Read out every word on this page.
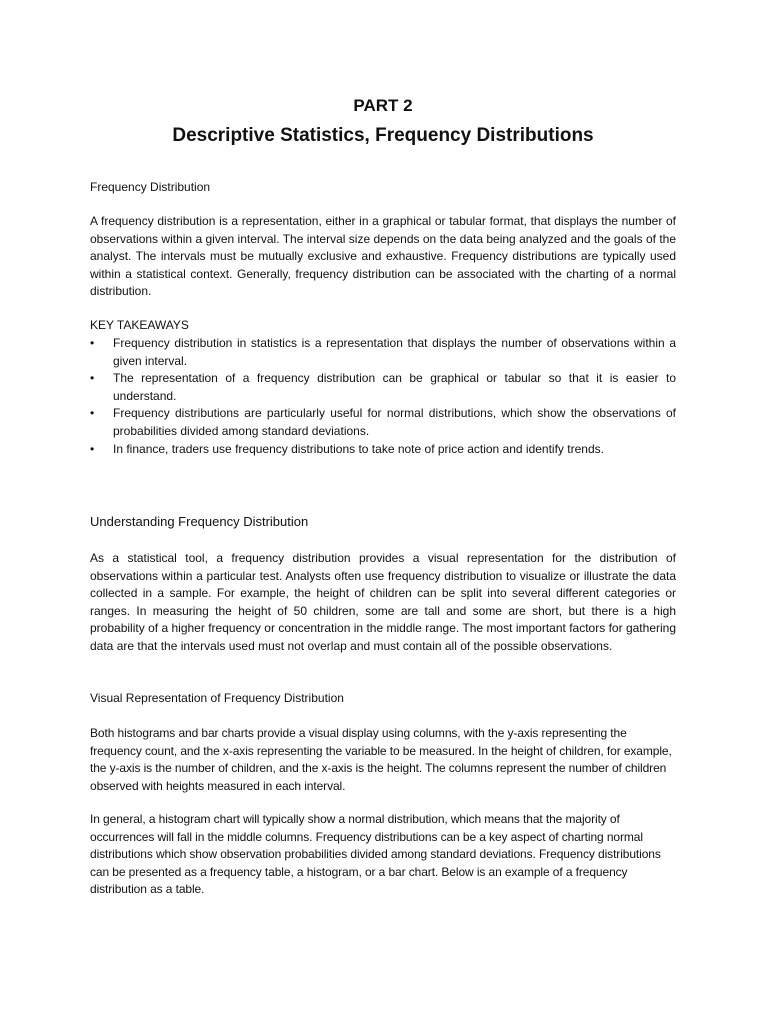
PART 2
Descriptive Statistics, Frequency Distributions
Frequency Distribution
A frequency distribution is a representation, either in a graphical or tabular format, that displays the number of observations within a given interval. The interval size depends on the data being analyzed and the goals of the analyst. The intervals must be mutually exclusive and exhaustive. Frequency distributions are typically used within a statistical context. Generally, frequency distribution can be associated with the charting of a normal distribution.
KEY TAKEAWAYS
• Frequency distribution in statistics is a representation that displays the number of observations within a given interval.
• The representation of a frequency distribution can be graphical or tabular so that it is easier to understand.
• Frequency distributions are particularly useful for normal distributions, which show the observations of probabilities divided among standard deviations.
• In finance, traders use frequency distributions to take note of price action and identify trends.
Understanding Frequency Distribution
As a statistical tool, a frequency distribution provides a visual representation for the distribution of observations within a particular test. Analysts often use frequency distribution to visualize or illustrate the data collected in a sample. For example, the height of children can be split into several different categories or ranges. In measuring the height of 50 children, some are tall and some are short, but there is a high probability of a higher frequency or concentration in the middle range. The most important factors for gathering data are that the intervals used must not overlap and must contain all of the possible observations.
Visual Representation of Frequency Distribution
Both histograms and bar charts provide a visual display using columns, with the y-axis representing the frequency count, and the x-axis representing the variable to be measured. In the height of children, for example, the y-axis is the number of children, and the x-axis is the height. The columns represent the number of children observed with heights measured in each interval.
In general, a histogram chart will typically show a normal distribution, which means that the majority of occurrences will fall in the middle columns. Frequency distributions can be a key aspect of charting normal distributions which show observation probabilities divided among standard deviations. Frequency distributions can be presented as a frequency table, a histogram, or a bar chart. Below is an example of a frequency distribution as a table.
